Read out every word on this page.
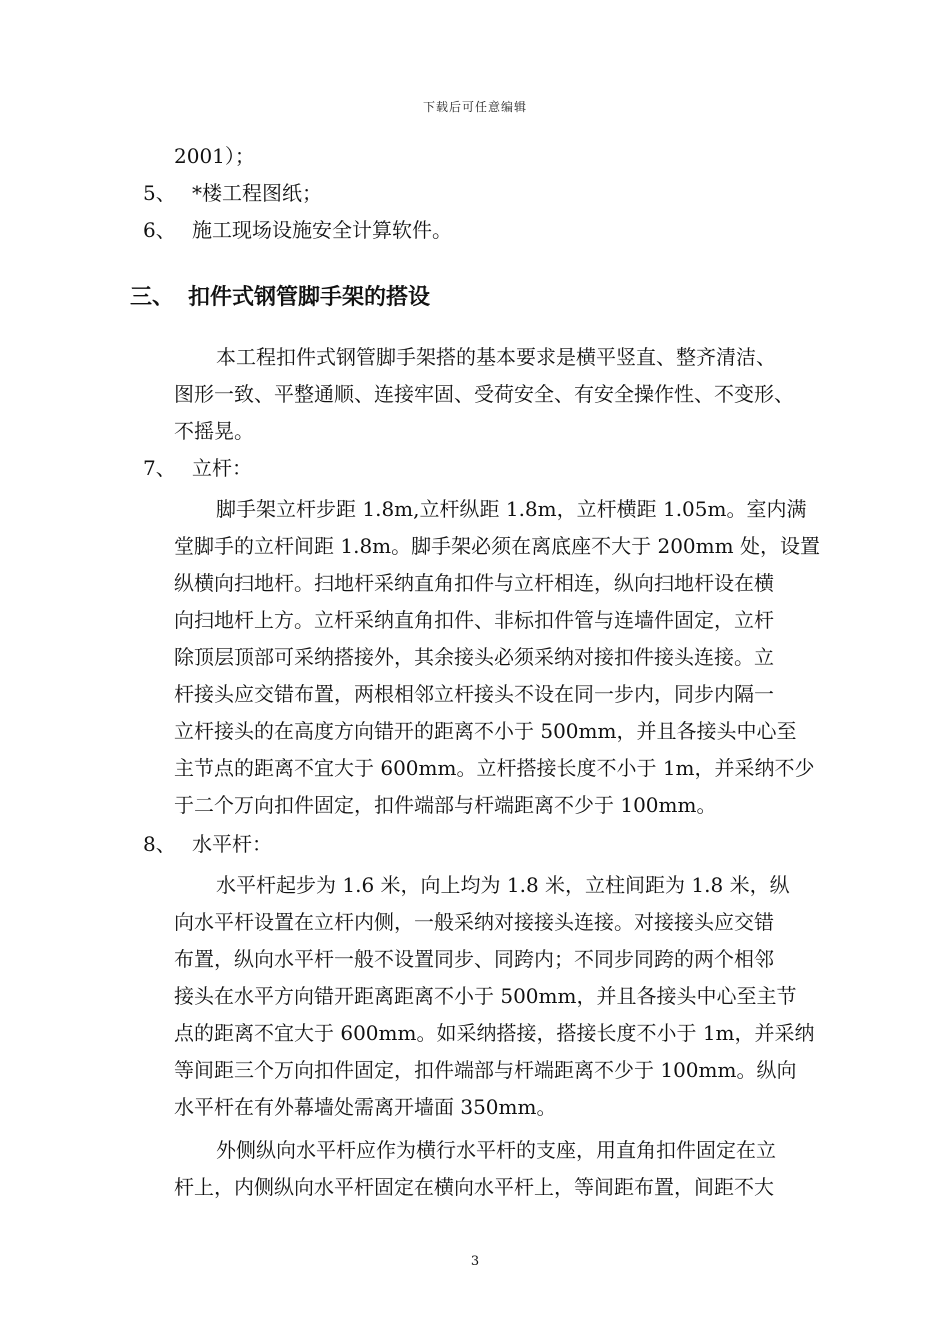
下载后可任意编辑
2001）；
5、 *楼工程图纸；
6、 施工现场设施安全计算软件。
三、 扣件式钢管脚手架的搭设
本工程扣件式钢管脚手架搭的基本要求是横平竖直、整齐清洁、
图形一致、平整通顺、连接牢固、受荷安全、有安全操作性、不变形、
不摇晃。
7、 立杆：
脚手架立杆步距 1.8m,立杆纵距 1.8m，立杆横距 1.05m。室内满
堂脚手的立杆间距 1.8m。脚手架必须在离底座不大于 200mm 处，设置
纵横向扫地杆。扫地杆采纳直角扣件与立杆相连，纵向扫地杆设在横
向扫地杆上方。立杆采纳直角扣件、非标扣件管与连墙件固定，立杆
除顶层顶部可采纳搭接外，其余接头必须采纳对接扣件接头连接。立
杆接头应交错布置，两根相邻立杆接头不设在同一步内，同步内隔一
立杆接头的在高度方向错开的距离不小于 500mm，并且各接头中心至
主节点的距离不宜大于 600mm。立杆搭接长度不小于 1m，并采纳不少
于二个万向扣件固定，扣件端部与杆端距离不少于 100mm。
8、 水平杆：
水平杆起步为 1.6 米，向上均为 1.8 米，立柱间距为 1.8 米，纵
向水平杆设置在立杆内侧，一般采纳对接接头连接。对接接头应交错
布置，纵向水平杆一般不设置同步、同跨内；不同步同跨的两个相邻
接头在水平方向错开距离距离不小于 500mm，并且各接头中心至主节
点的距离不宜大于 600mm。如采纳搭接，搭接长度不小于 1m，并采纳
等间距三个万向扣件固定，扣件端部与杆端距离不少于 100mm。纵向
水平杆在有外幕墙处需离开墙面 350mm。
外侧纵向水平杆应作为横行水平杆的支座，用直角扣件固定在立
杆上，内侧纵向水平杆固定在横向水平杆上，等间距布置，间距不大
3
